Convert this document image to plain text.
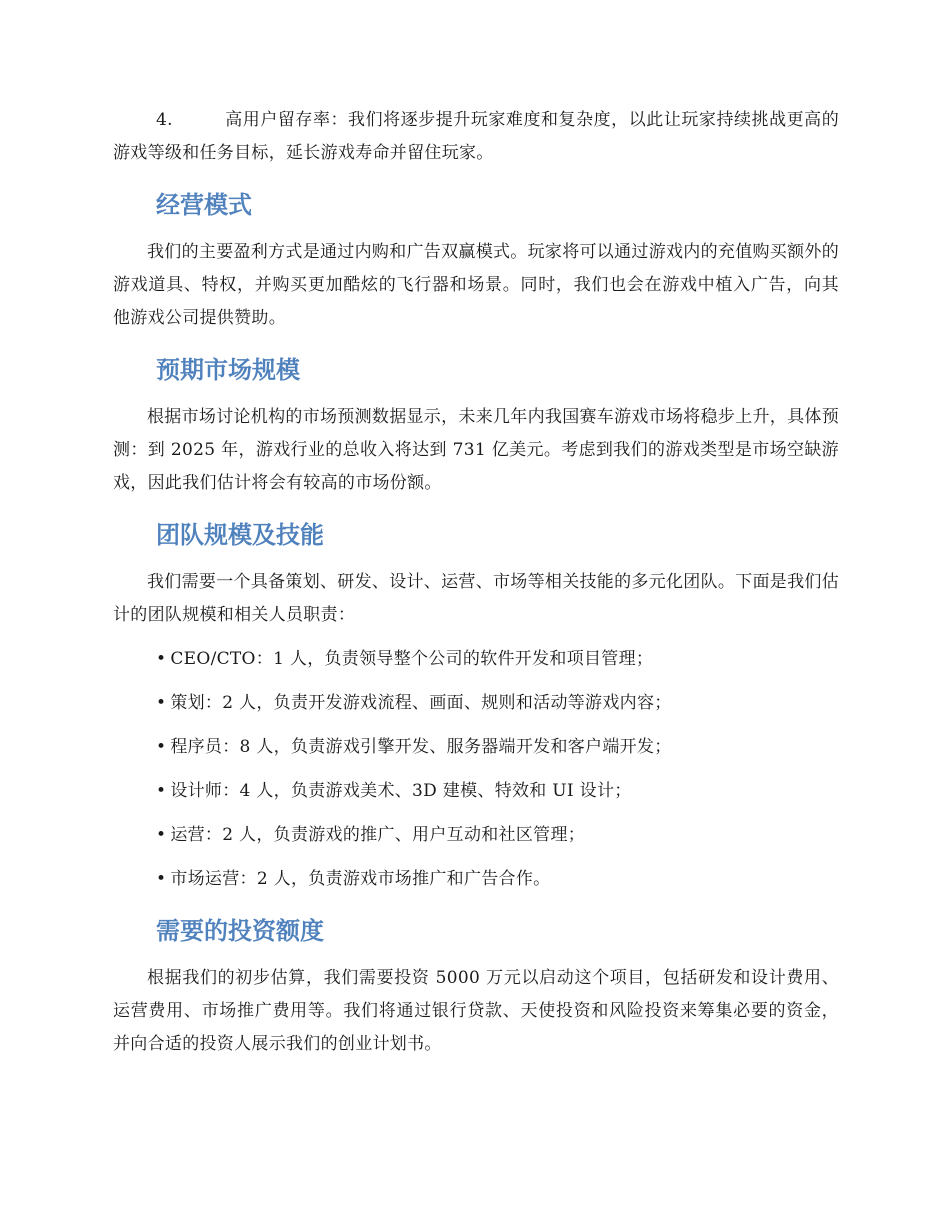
4.	高用户留存率：我们将逐步提升玩家难度和复杂度，以此让玩家持续挑战更高的游戏等级和任务目标，延长游戏寿命并留住玩家。

经营模式

我们的主要盈利方式是通过内购和广告双赢模式。玩家将可以通过游戏内的充值购买额外的游戏道具、特权，并购买更加酷炫的飞行器和场景。同时，我们也会在游戏中植入广告，向其他游戏公司提供赞助。

预期市场规模

根据市场讨论机构的市场预测数据显示，未来几年内我国赛车游戏市场将稳步上升，具体预测：到 2025 年，游戏行业的总收入将达到 731 亿美元。考虑到我们的游戏类型是市场空缺游戏，因此我们估计将会有较高的市场份额。

团队规模及技能

我们需要一个具备策划、研发、设计、运营、市场等相关技能的多元化团队。下面是我们估计的团队规模和相关人员职责：

• CEO/CTO：1 人，负责领导整个公司的软件开发和项目管理；

• 策划：2 人，负责开发游戏流程、画面、规则和活动等游戏内容；

• 程序员：8 人，负责游戏引擎开发、服务器端开发和客户端开发；

• 设计师：4 人，负责游戏美术、3D 建模、特效和 UI 设计；

• 运营：2 人，负责游戏的推广、用户互动和社区管理；

• 市场运营：2 人，负责游戏市场推广和广告合作。

需要的投资额度

根据我们的初步估算，我们需要投资 5000 万元以启动这个项目，包括研发和设计费用、运营费用、市场推广费用等。我们将通过银行贷款、天使投资和风险投资来筹集必要的资金，并向合适的投资人展示我们的创业计划书。
